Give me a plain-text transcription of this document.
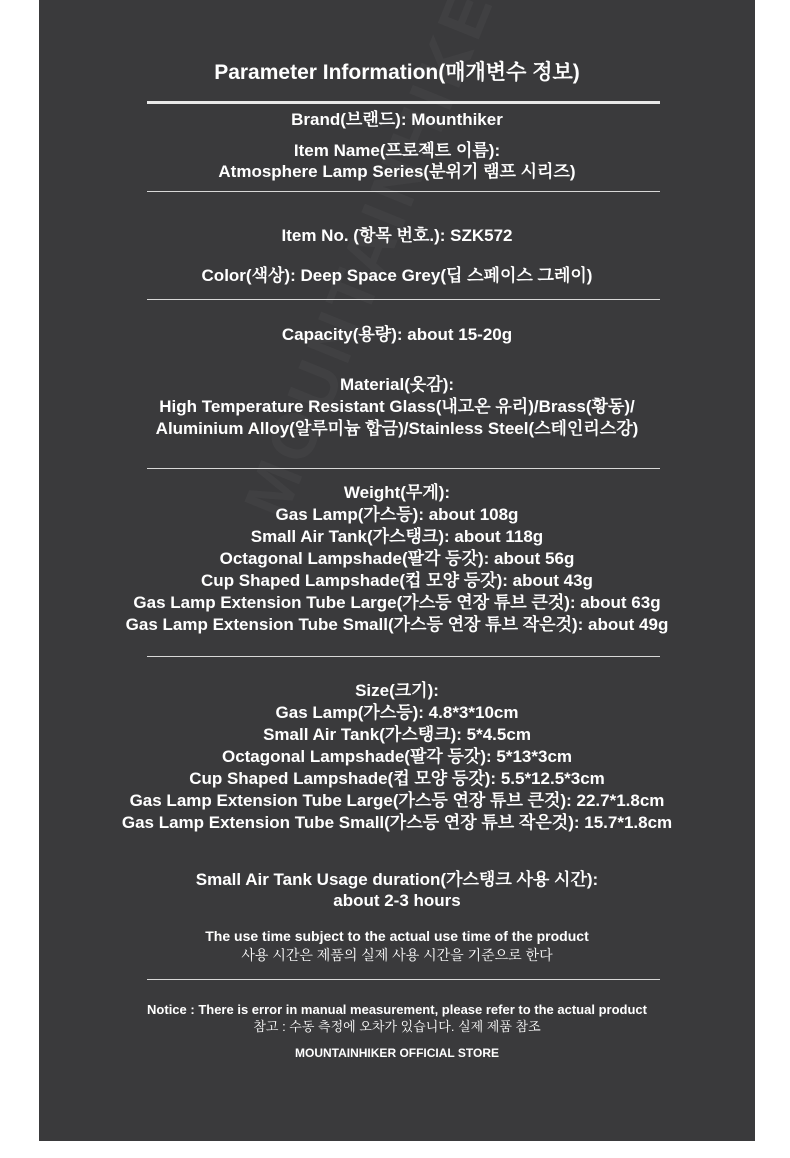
Parameter Information(매개변수 정보)
Brand(브랜드): Mounthiker
Item Name(프로젝트 이름):
Atmosphere Lamp Series(분위기 램프 시리즈)
Item No. (항목 번호.): SZK572
Color(색상): Deep Space Grey(딥 스페이스 그레이)
Capacity(용량): about 15-20g
Material(옷감):
High Temperature Resistant Glass(내고온 유리)/Brass(황동)/
Aluminium Alloy(알루미늄 합금)/Stainless Steel(스테인리스강)
Weight(무게):
Gas Lamp(가스등): about 108g
Small Air Tank(가스탱크): about 118g
Octagonal Lampshade(팔각 등갓): about 56g
Cup Shaped Lampshade(컵 모양 등갓): about 43g
Gas Lamp Extension Tube Large(가스등 연장 튜브 큰것): about 63g
Gas Lamp Extension Tube Small(가스등 연장 튜브 작은것): about 49g
Size(크기):
Gas Lamp(가스등): 4.8*3*10cm
Small Air Tank(가스탱크): 5*4.5cm
Octagonal Lampshade(팔각 등갓): 5*13*3cm
Cup Shaped Lampshade(컵 모양 등갓): 5.5*12.5*3cm
Gas Lamp Extension Tube Large(가스등 연장 튜브 큰것): 22.7*1.8cm
Gas Lamp Extension Tube Small(가스등 연장 튜브 작은것): 15.7*1.8cm
Small Air Tank Usage duration(가스탱크 사용 시간):
about 2-3 hours
The use time subject to the actual use time of the product
사용 시간은 제품의 실제 사용 시간을 기준으로 한다
Notice : There is error in manual measurement, please refer to the actual product
참고 : 수동 측정에 오차가 있습니다. 실제 제품 참조
MOUNTAINHIKER OFFICIAL STORE
